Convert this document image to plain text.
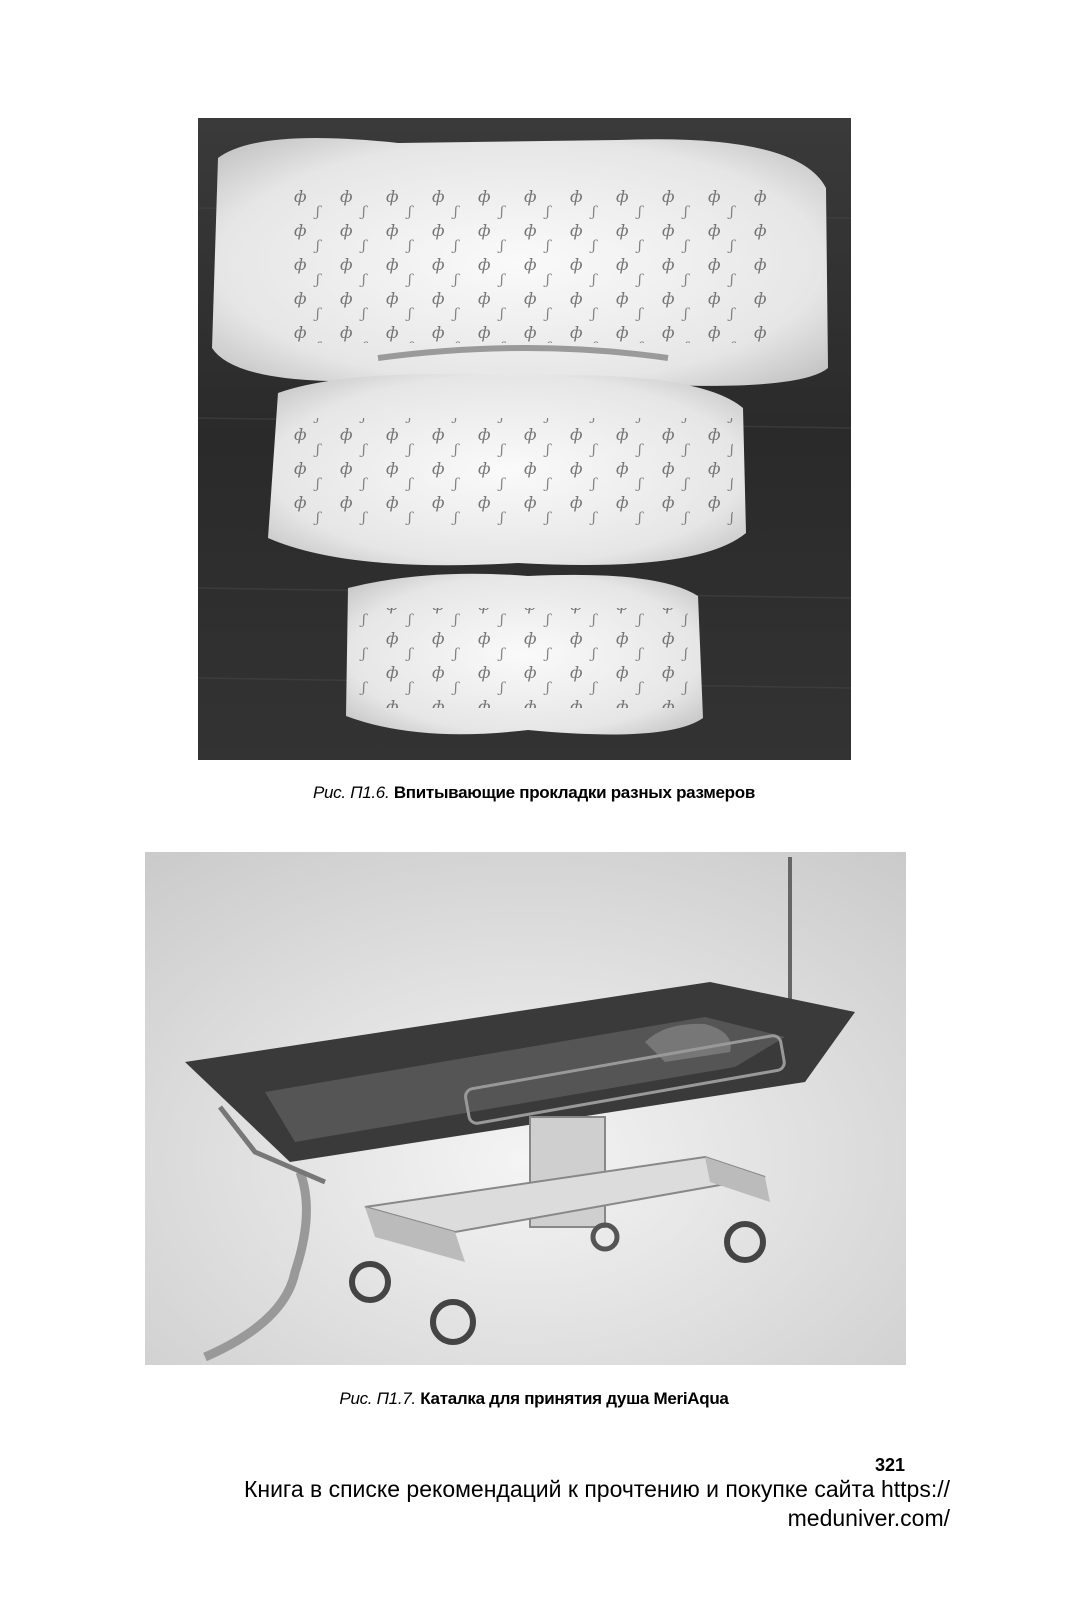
Рис. П1.6. Впитывающие прокладки разных размеров
Рис. П1.7. Каталка для принятия душа MeriAqua
321
Книга в списке рекомендаций к прочтению и покупке сайта https://
meduniver.com/
